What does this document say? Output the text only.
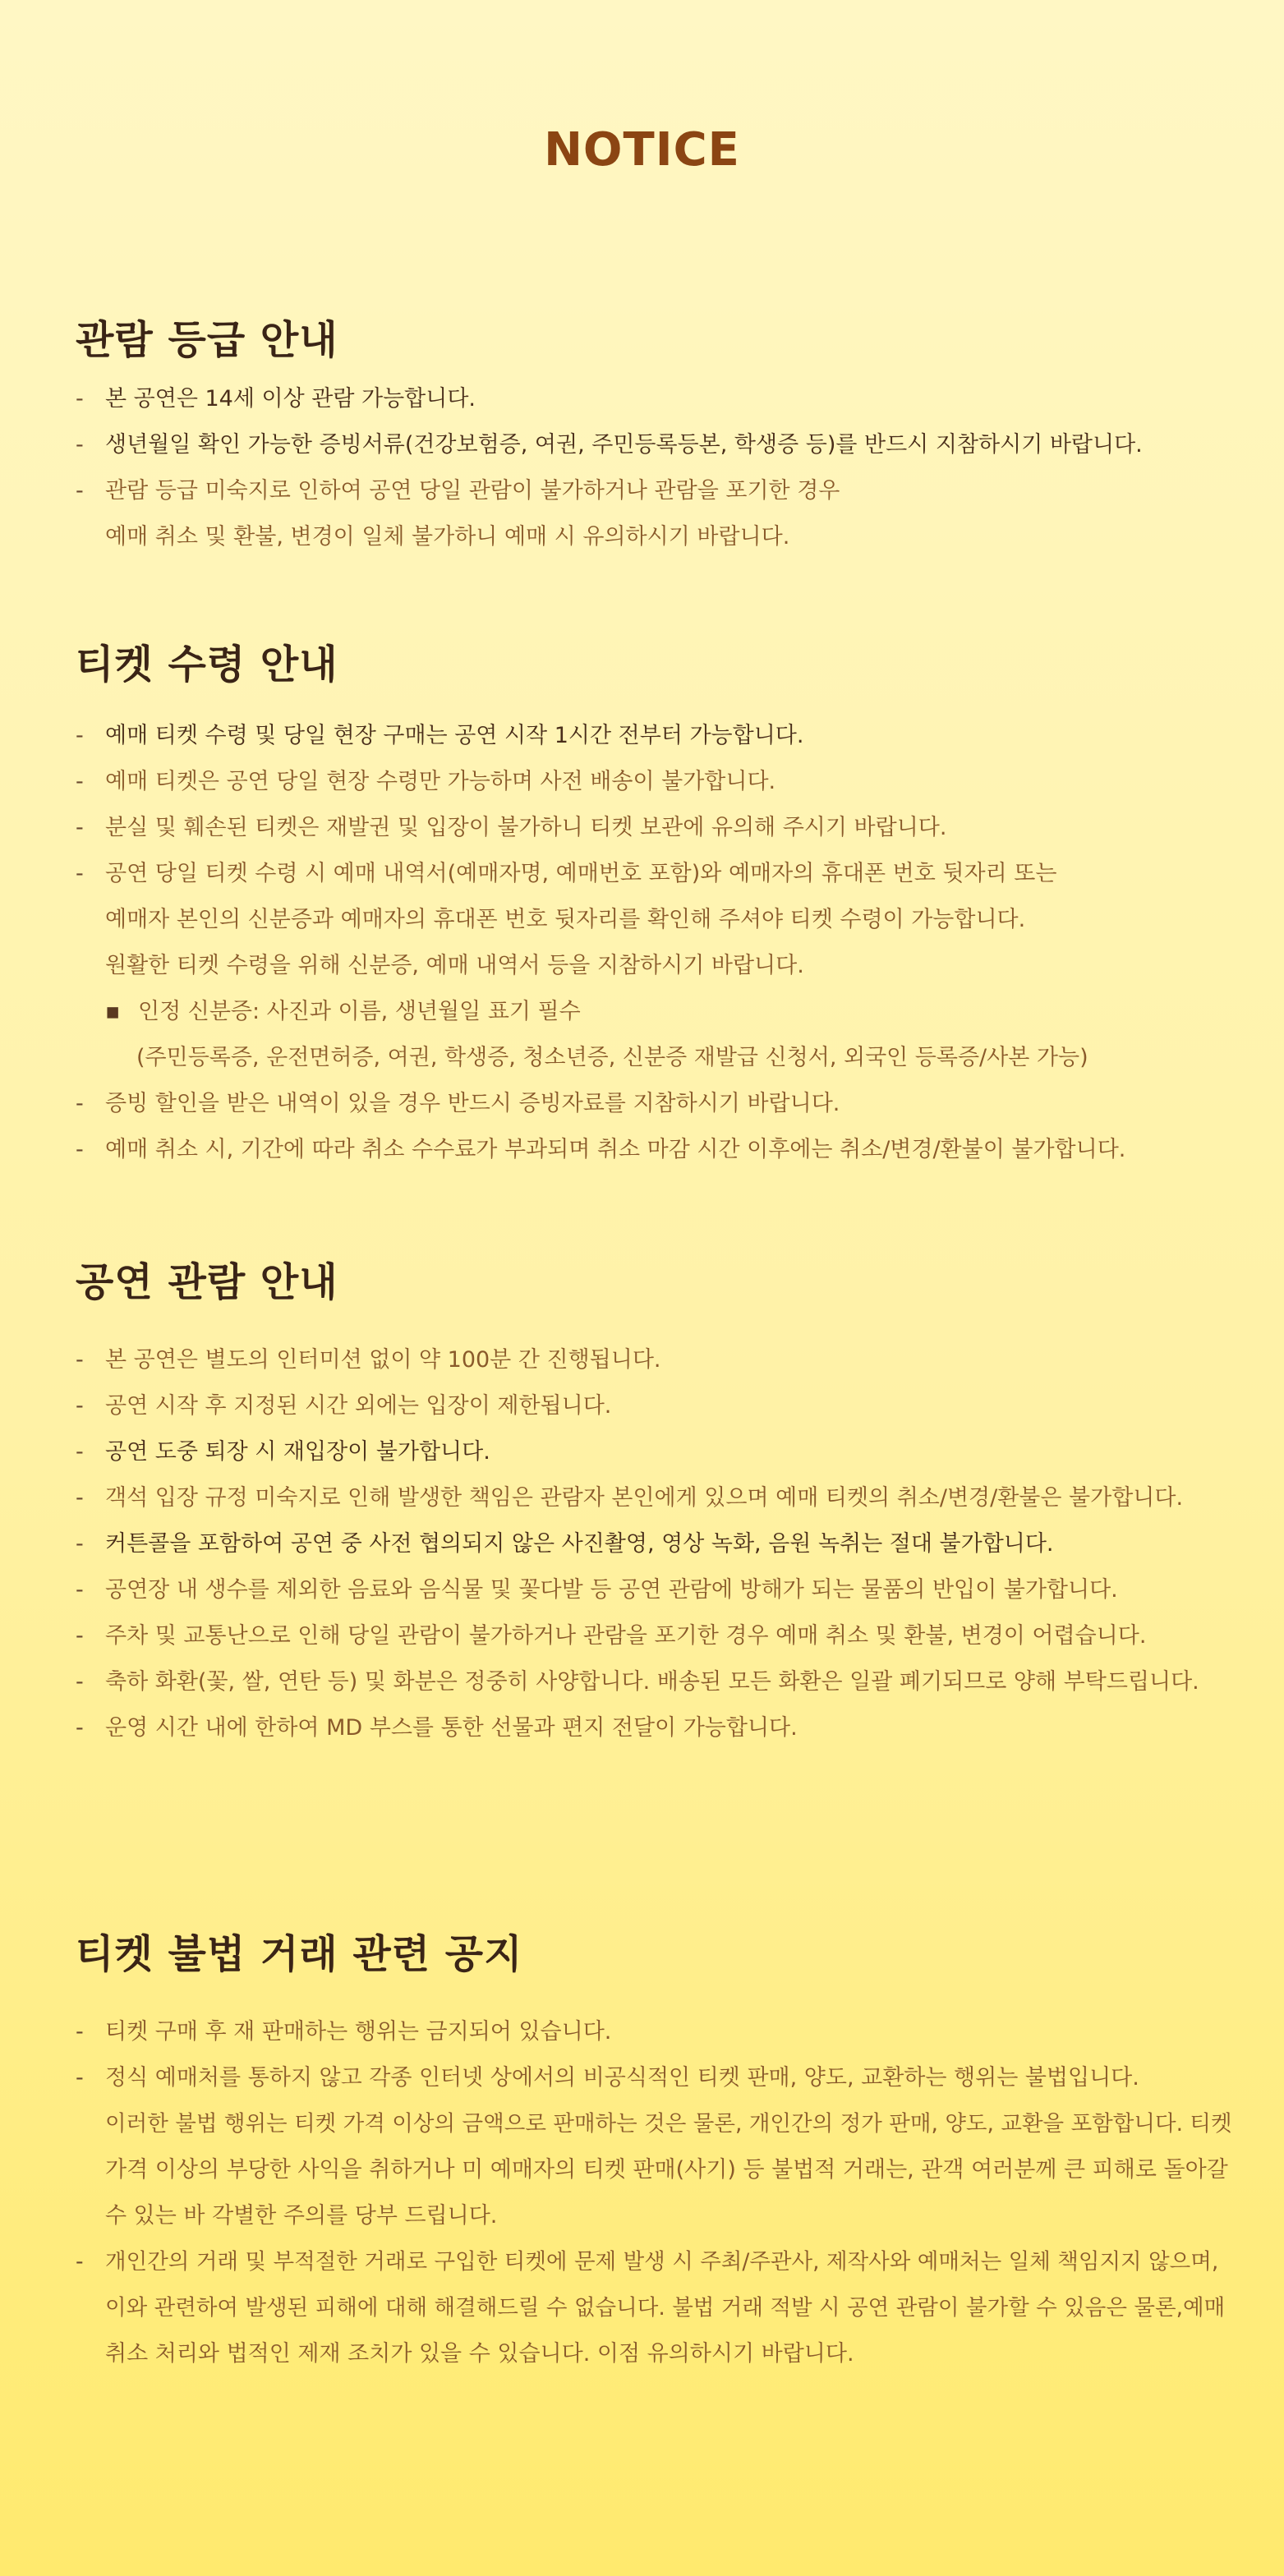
NOTICE
관람 등급 안내
- 본 공연은 14세 이상 관람 가능합니다.
- 생년월일 확인 가능한 증빙서류(건강보험증, 여권, 주민등록등본, 학생증 등)를 반드시 지참하시기 바랍니다.
- 관람 등급 미숙지로 인하여 공연 당일 관람이 불가하거나 관람을 포기한 경우
예매 취소 및 환불, 변경이 일체 불가하니 예매 시 유의하시기 바랍니다.
티켓 수령 안내
- 예매 티켓 수령 및 당일 현장 구매는 공연 시작 1시간 전부터 가능합니다.
- 예매 티켓은 공연 당일 현장 수령만 가능하며 사전 배송이 불가합니다.
- 분실 및 훼손된 티켓은 재발권 및 입장이 불가하니 티켓 보관에 유의해 주시기 바랍니다.
- 공연 당일 티켓 수령 시 예매 내역서(예매자명, 예매번호 포함)와 예매자의 휴대폰 번호 뒷자리 또는
예매자 본인의 신분증과 예매자의 휴대폰 번호 뒷자리를 확인해 주셔야 티켓 수령이 가능합니다.
원활한 티켓 수령을 위해 신분증, 예매 내역서 등을 지참하시기 바랍니다.
▪ 인정 신분증: 사진과 이름, 생년월일 표기 필수
(주민등록증, 운전면허증, 여권, 학생증, 청소년증, 신분증 재발급 신청서, 외국인 등록증/사본 가능)
- 증빙 할인을 받은 내역이 있을 경우 반드시 증빙자료를 지참하시기 바랍니다.
- 예매 취소 시, 기간에 따라 취소 수수료가 부과되며 취소 마감 시간 이후에는 취소/변경/환불이 불가합니다.
공연 관람 안내
- 본 공연은 별도의 인터미션 없이 약 100분 간 진행됩니다.
- 공연 시작 후 지정된 시간 외에는 입장이 제한됩니다.
- 공연 도중 퇴장 시 재입장이 불가합니다.
- 객석 입장 규정 미숙지로 인해 발생한 책임은 관람자 본인에게 있으며 예매 티켓의 취소/변경/환불은 불가합니다.
- 커튼콜을 포함하여 공연 중 사전 협의되지 않은 사진촬영, 영상 녹화, 음원 녹취는 절대 불가합니다.
- 공연장 내 생수를 제외한 음료와 음식물 및 꽃다발 등 공연 관람에 방해가 되는 물품의 반입이 불가합니다.
- 주차 및 교통난으로 인해 당일 관람이 불가하거나 관람을 포기한 경우 예매 취소 및 환불, 변경이 어렵습니다.
- 축하 화환(꽃, 쌀, 연탄 등) 및 화분은 정중히 사양합니다. 배송된 모든 화환은 일괄 폐기되므로 양해 부탁드립니다.
- 운영 시간 내에 한하여 MD 부스를 통한 선물과 편지 전달이 가능합니다.
티켓 불법 거래 관련 공지
- 티켓 구매 후 재 판매하는 행위는 금지되어 있습니다.
- 정식 예매처를 통하지 않고 각종 인터넷 상에서의 비공식적인 티켓 판매, 양도, 교환하는 행위는 불법입니다.
이러한 불법 행위는 티켓 가격 이상의 금액으로 판매하는 것은 물론, 개인간의 정가 판매, 양도, 교환을 포함합니다. 티켓
가격 이상의 부당한 사익을 취하거나 미 예매자의 티켓 판매(사기) 등 불법적 거래는, 관객 여러분께 큰 피해로 돌아갈
수 있는 바 각별한 주의를 당부 드립니다.
- 개인간의 거래 및 부적절한 거래로 구입한 티켓에 문제 발생 시 주최/주관사, 제작사와 예매처는 일체 책임지지 않으며,
이와 관련하여 발생된 피해에 대해 해결해드릴 수 없습니다. 불법 거래 적발 시 공연 관람이 불가할 수 있음은 물론,예매
취소 처리와 법적인 제재 조치가 있을 수 있습니다. 이점 유의하시기 바랍니다.
